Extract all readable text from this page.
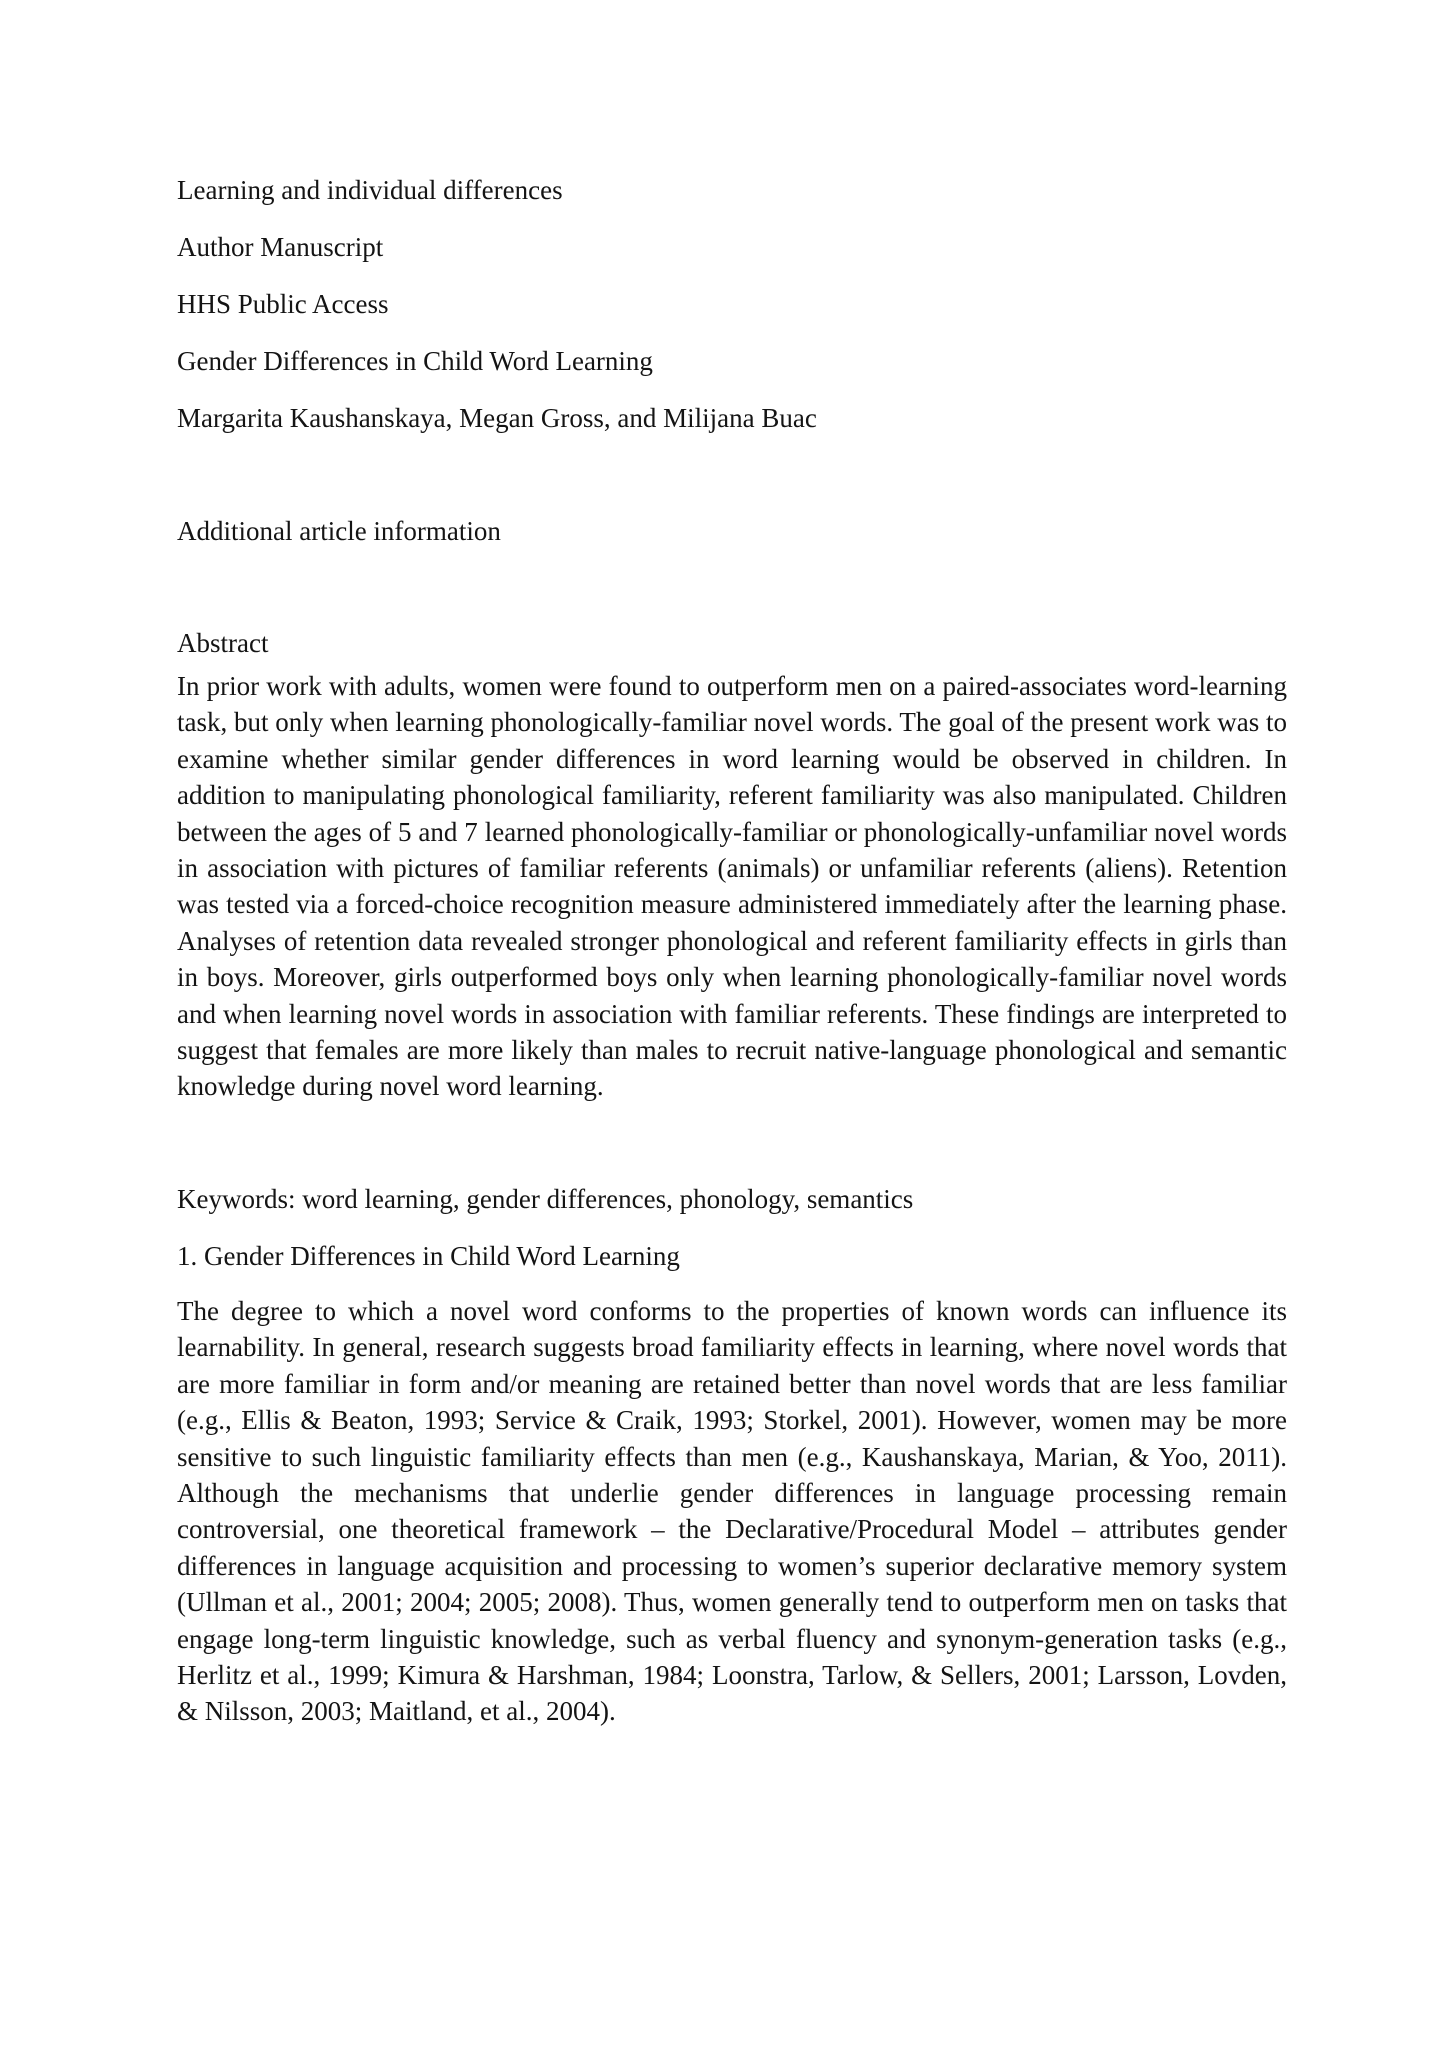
Learning and individual differences

Author Manuscript

HHS Public Access

Gender Differences in Child Word Learning

Margarita Kaushanskaya, Megan Gross, and Milijana Buac

Additional article information

Abstract

In prior work with adults, women were found to outperform men on a paired-associates word-learning task, but only when learning phonologically-familiar novel words. The goal of the present work was to examine whether similar gender differences in word learning would be observed in children. In addition to manipulating phonological familiarity, referent familiarity was also manipulated. Children between the ages of 5 and 7 learned phonologically-familiar or phonologically-unfamiliar novel words in association with pictures of familiar referents (animals) or unfamiliar referents (aliens). Retention was tested via a forced-choice recognition measure administered immediately after the learning phase. Analyses of retention data revealed stronger phonological and referent familiarity effects in girls than in boys. Moreover, girls outperformed boys only when learning phonologically-familiar novel words and when learning novel words in association with familiar referents. These findings are interpreted to suggest that females are more likely than males to recruit native-language phonological and semantic knowledge during novel word learning.

Keywords: word learning, gender differences, phonology, semantics

1. Gender Differences in Child Word Learning

The degree to which a novel word conforms to the properties of known words can influence its learnability. In general, research suggests broad familiarity effects in learning, where novel words that are more familiar in form and/or meaning are retained better than novel words that are less familiar (e.g., Ellis & Beaton, 1993; Service & Craik, 1993; Storkel, 2001). However, women may be more sensitive to such linguistic familiarity effects than men (e.g., Kaushanskaya, Marian, & Yoo, 2011). Although the mechanisms that underlie gender differences in language processing remain controversial, one theoretical framework – the Declarative/Procedural Model – attributes gender differences in language acquisition and processing to women’s superior declarative memory system (Ullman et al., 2001; 2004; 2005; 2008). Thus, women generally tend to outperform men on tasks that engage long-term linguistic knowledge, such as verbal fluency and synonym-generation tasks (e.g., Herlitz et al., 1999; Kimura & Harshman, 1984; Loonstra, Tarlow, & Sellers, 2001; Larsson, Lovden, & Nilsson, 2003; Maitland, et al., 2004).
